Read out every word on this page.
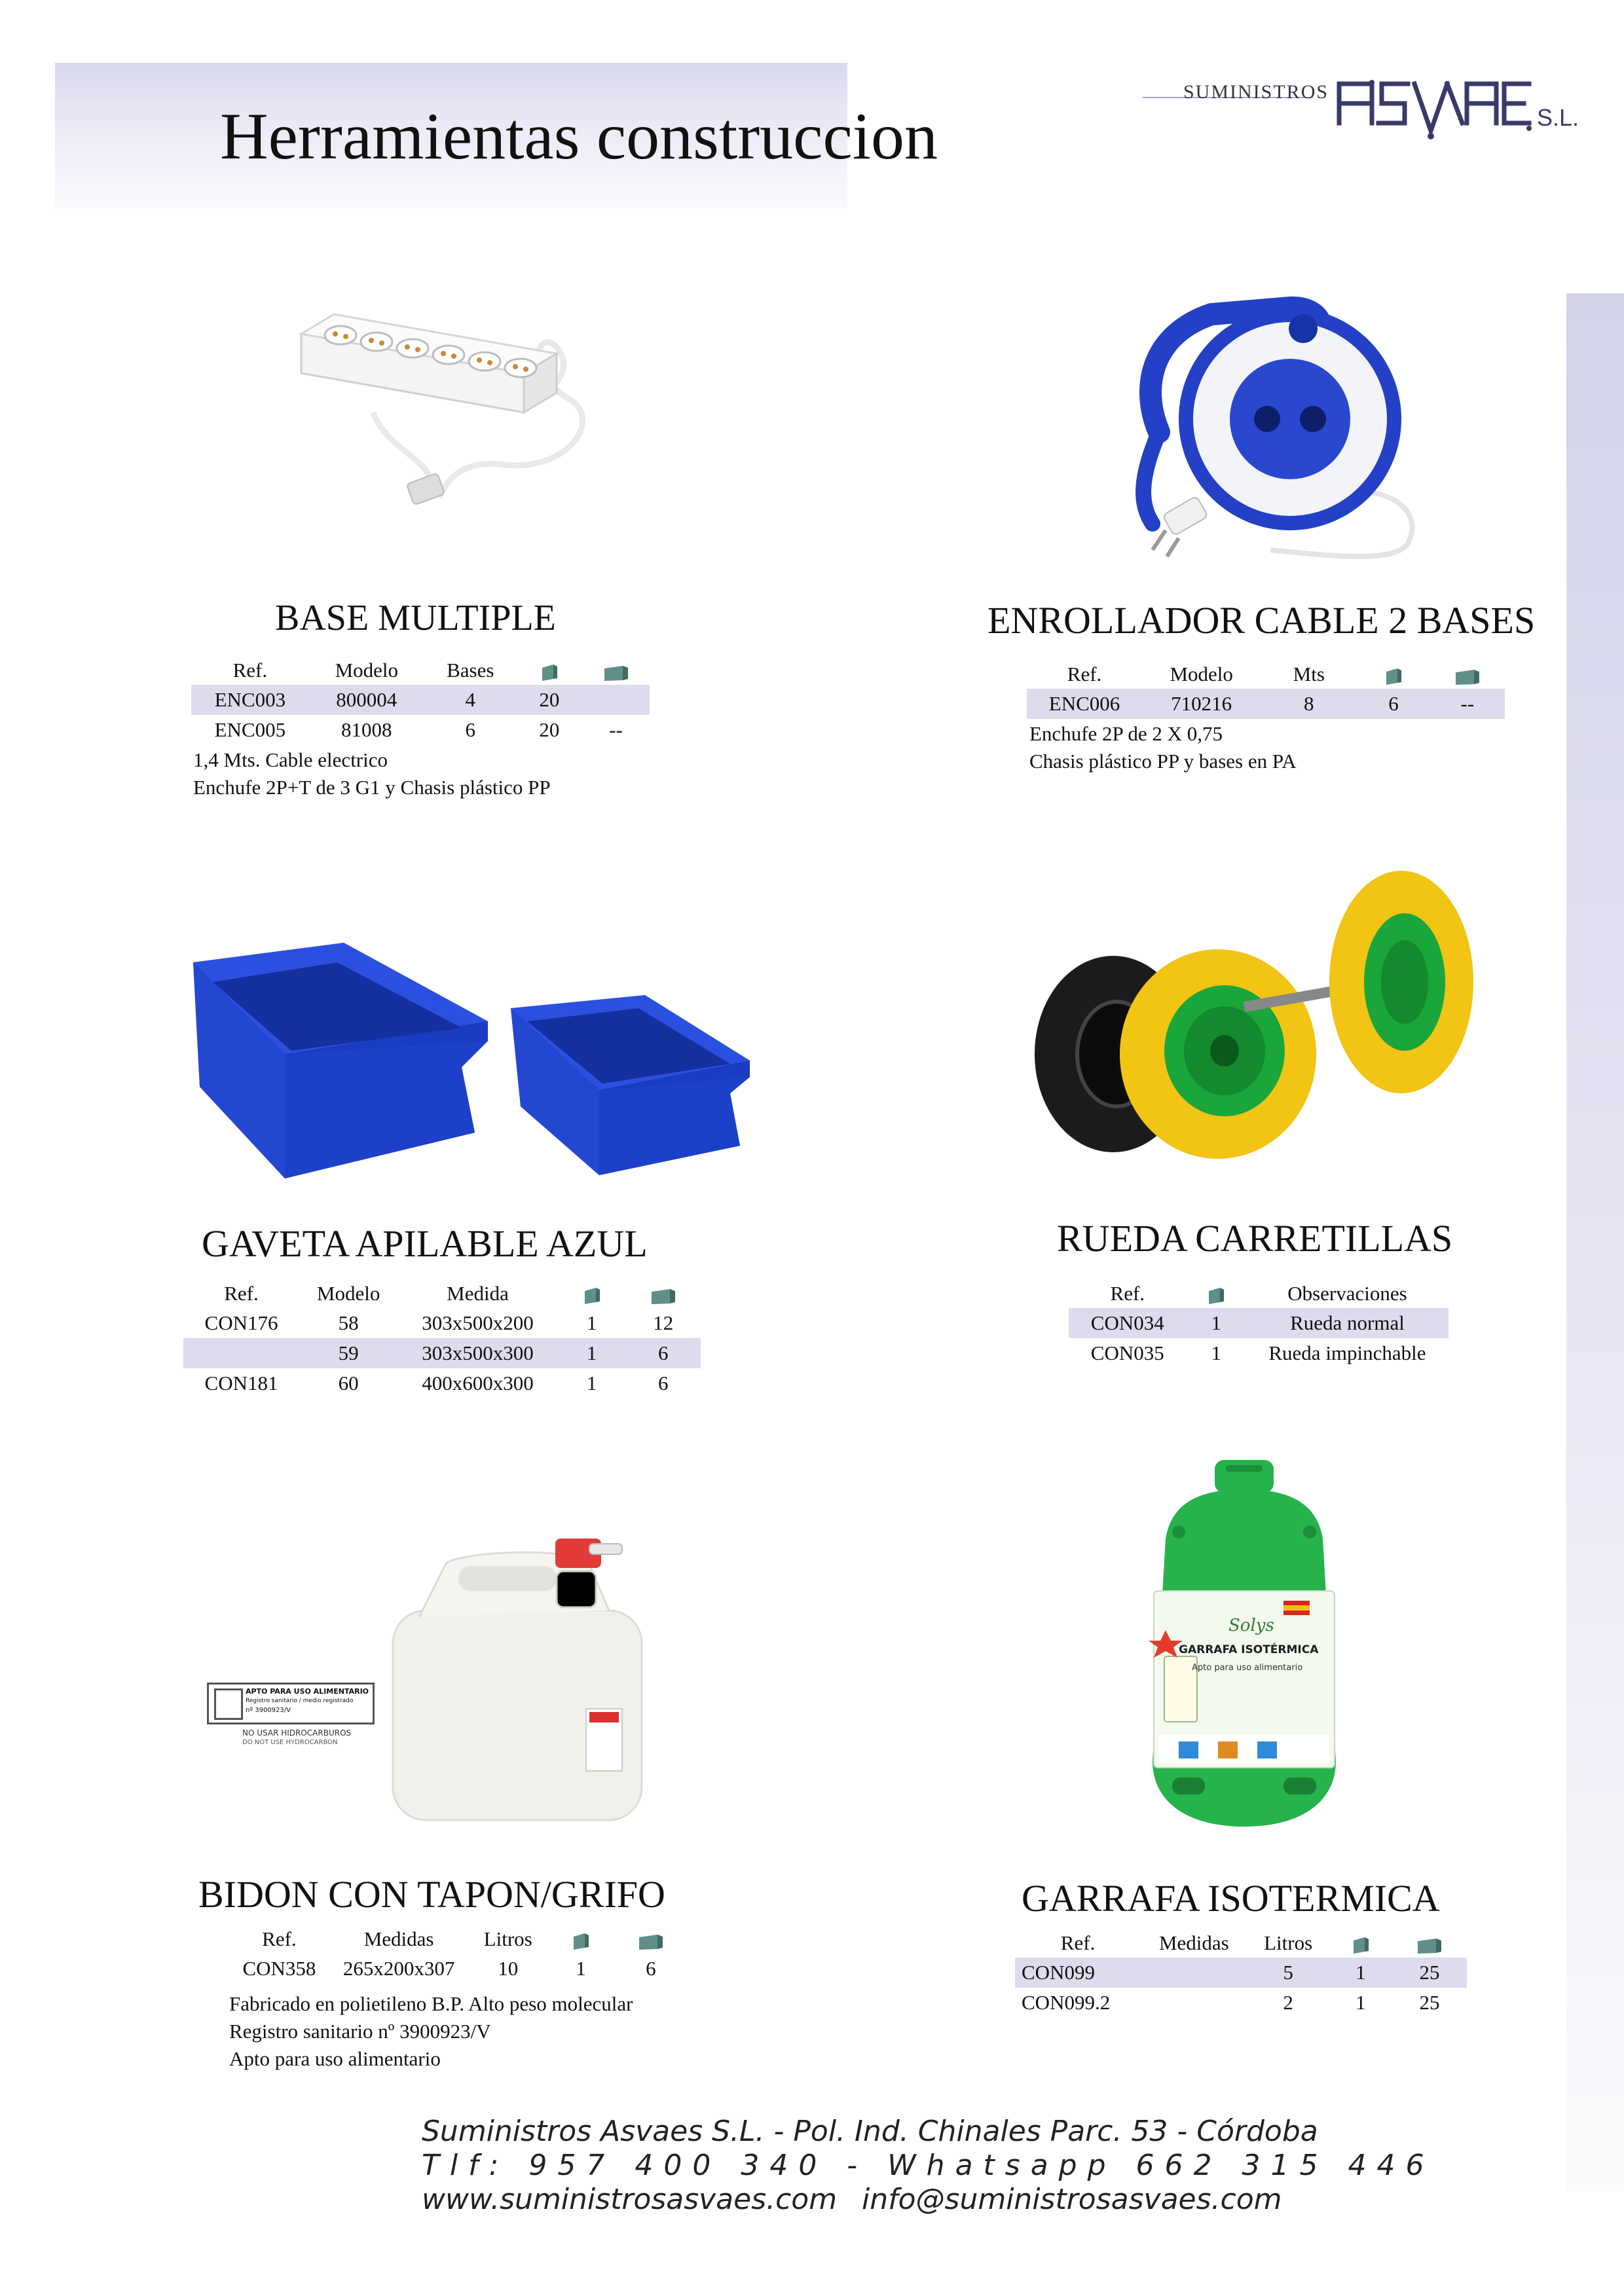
Herramientas construccion
SUMINISTROS
S.L.
BASE MULTIPLE
Ref.	Modelo	Bases		
ENC003	800004	4	20	
ENC005	81008	6	20	--
1,4 Mts. Cable electrico
Enchufe 2P+T de 3 G1 y Chasis plástico PP
ENROLLADOR CABLE 2 BASES
Ref.	Modelo	Mts		
ENC006	710216	8	6	--
Enchufe 2P de 2 X 0,75
Chasis plástico PP y bases en PA
GAVETA APILABLE AZUL
Ref.	Modelo	Medida		
CON176	58	303x500x200	1	12
	59	303x500x300	1	6
CON181	60	400x600x300	1	6
RUEDA CARRETILLAS
Ref.		Observaciones
CON034	1	Rueda normal
CON035	1	Rueda impinchable
APTO PARA USO ALIMENTARIO
Registro sanitario / medio registrado
nº 3900923/V
NO USAR HIDROCARBUROS
DO NOT USE HYDROCARBON
BIDON CON TAPON/GRIFO
Ref.	Medidas	Litros		
CON358	265x200x307	10	1	6
Fabricado en polietileno B.P. Alto peso molecular
Registro sanitario nº 3900923/V
Apto para uso alimentario
Solys
GARRAFA ISOTÉRMICA
Apto para uso alimentario
GARRAFA ISOTERMICA
Ref.	Medidas	Litros		
CON099		5	1	25
CON099.2		2	1	25
Suministros Asvaes S.L. - Pol. Ind. Chinales Parc. 53 - Córdoba
Tlf: 957 400 340 - Whatsapp 662 315 446
www.suministrosasvaes.com info@suministrosasvaes.com
